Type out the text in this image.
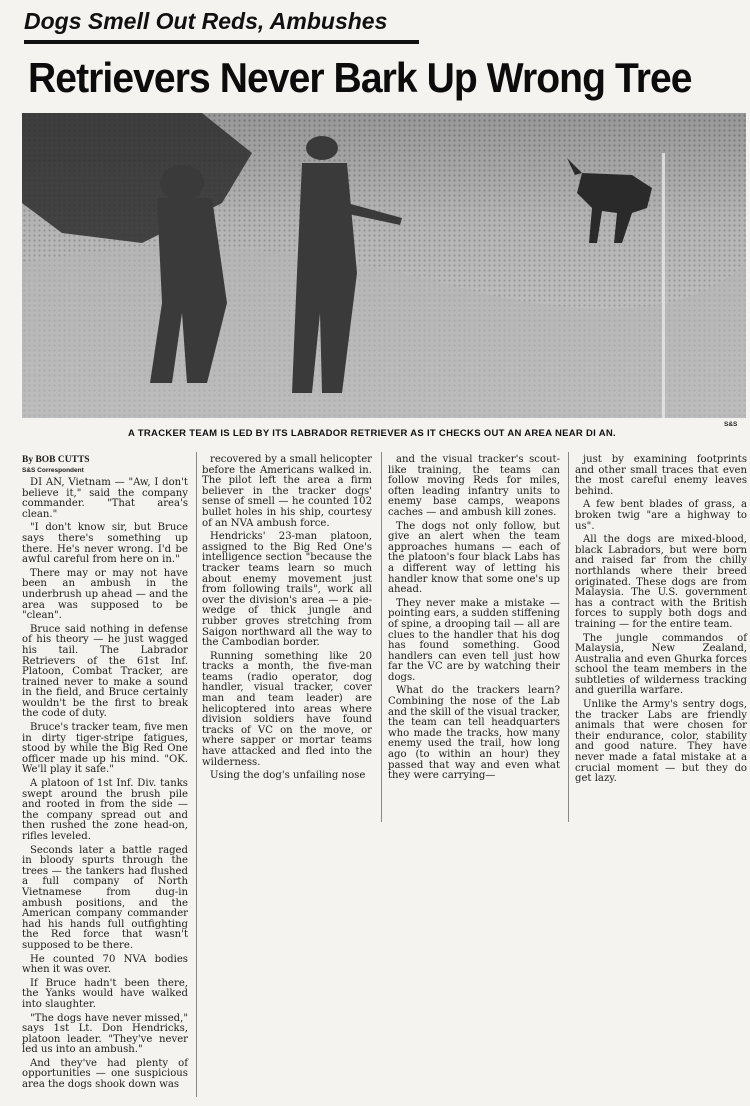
Dogs Smell Out Reds, Ambushes
Retrievers Never Bark Up Wrong Tree
A TRACKER TEAM IS LED BY ITS LABRADOR RETRIEVER AS IT CHECKS OUT AN AREA NEAR DI AN.
S&S

By BOB CUTTS

S&S Correspondent

DI AN, Vietnam — "Aw, I don't believe it," said the company commander. "That area's clean."

"I don't know sir, but Bruce says there's something up there. He's never wrong. I'd be awful careful from here on in."

There may or may not have been an ambush in the underbrush up ahead — and the area was supposed to be "clean".

Bruce said nothing in defense of his theory — he just wagged his tail. The Labrador Retrievers of the 61st Inf. Platoon, Combat Tracker, are trained never to make a sound in the field, and Bruce certainly wouldn't be the first to break the code of duty.

Bruce's tracker team, five men in dirty tiger-stripe fatigues, stood by while the Big Red One officer made up his mind. "OK. We'll play it safe."

A platoon of 1st Inf. Div. tanks swept around the brush pile and rooted in from the side — the company spread out and then rushed the zone head-on, rifles leveled.

Seconds later a battle raged in bloody spurts through the trees — the tankers had flushed a full company of North Vietnamese from dug-in ambush positions, and the American company commander had his hands full outfighting the Red force that wasn't supposed to be there.

He counted 70 NVA bodies when it was over.

If Bruce hadn't been there, the Yanks would have walked into slaughter.

"The dogs have never missed," says 1st Lt. Don Hendricks, platoon leader. "They've never led us into an ambush."

And they've had plenty of opportunities — one suspicious area the dogs shook down was

recovered by a small helicopter before the Americans walked in. The pilot left the area a firm believer in the tracker dogs' sense of smell — he counted 102 bullet holes in his ship, courtesy of an NVA ambush force.

Hendricks' 23-man platoon, assigned to the Big Red One's intelligence section "because the tracker teams learn so much about enemy movement just from following trails", work all over the division's area — a pie-wedge of thick jungle and rubber groves stretching from Saigon northward all the way to the Cambodian border.

Running something like 20 tracks a month, the five-man teams (radio operator, dog handler, visual tracker, cover man and team leader) are helicoptered into areas where division soldiers have found tracks of VC on the move, or where sapper or mortar teams have attacked and fled into the wilderness.

Using the dog's unfailing nose

and the visual tracker's scout-like training, the teams can follow moving Reds for miles, often leading infantry units to enemy base camps, weapons caches — and ambush kill zones.

The dogs not only follow, but give an alert when the team approaches humans — each of the platoon's four black Labs has a different way of letting his handler know that some one's up ahead.

They never make a mistake — pointing ears, a sudden stiffening of spine, a drooping tail — all are clues to the handler that his dog has found something. Good handlers can even tell just how far the VC are by watching their dogs.

What do the trackers learn? Combining the nose of the Lab and the skill of the visual tracker, the team can tell headquarters who made the tracks, how many enemy used the trail, how long ago (to within an hour) they passed that way and even what they were carrying—

just by examining footprints and other small traces that even the most careful enemy leaves behind.

A few bent blades of grass, a broken twig "are a highway to us".

All the dogs are mixed-blood, black Labradors, but were born and raised far from the chilly northlands where their breed originated. These dogs are from Malaysia. The U.S. government has a contract with the British forces to supply both dogs and training — for the entire team.

The jungle commandos of Malaysia, New Zealand, Australia and even Ghurka forces school the team members in the subtleties of wilderness tracking and guerilla warfare.

Unlike the Army's sentry dogs, the tracker Labs are friendly animals that were chosen for their endurance, color, stability and good nature. They have never made a fatal mistake at a crucial moment — but they do get lazy.
